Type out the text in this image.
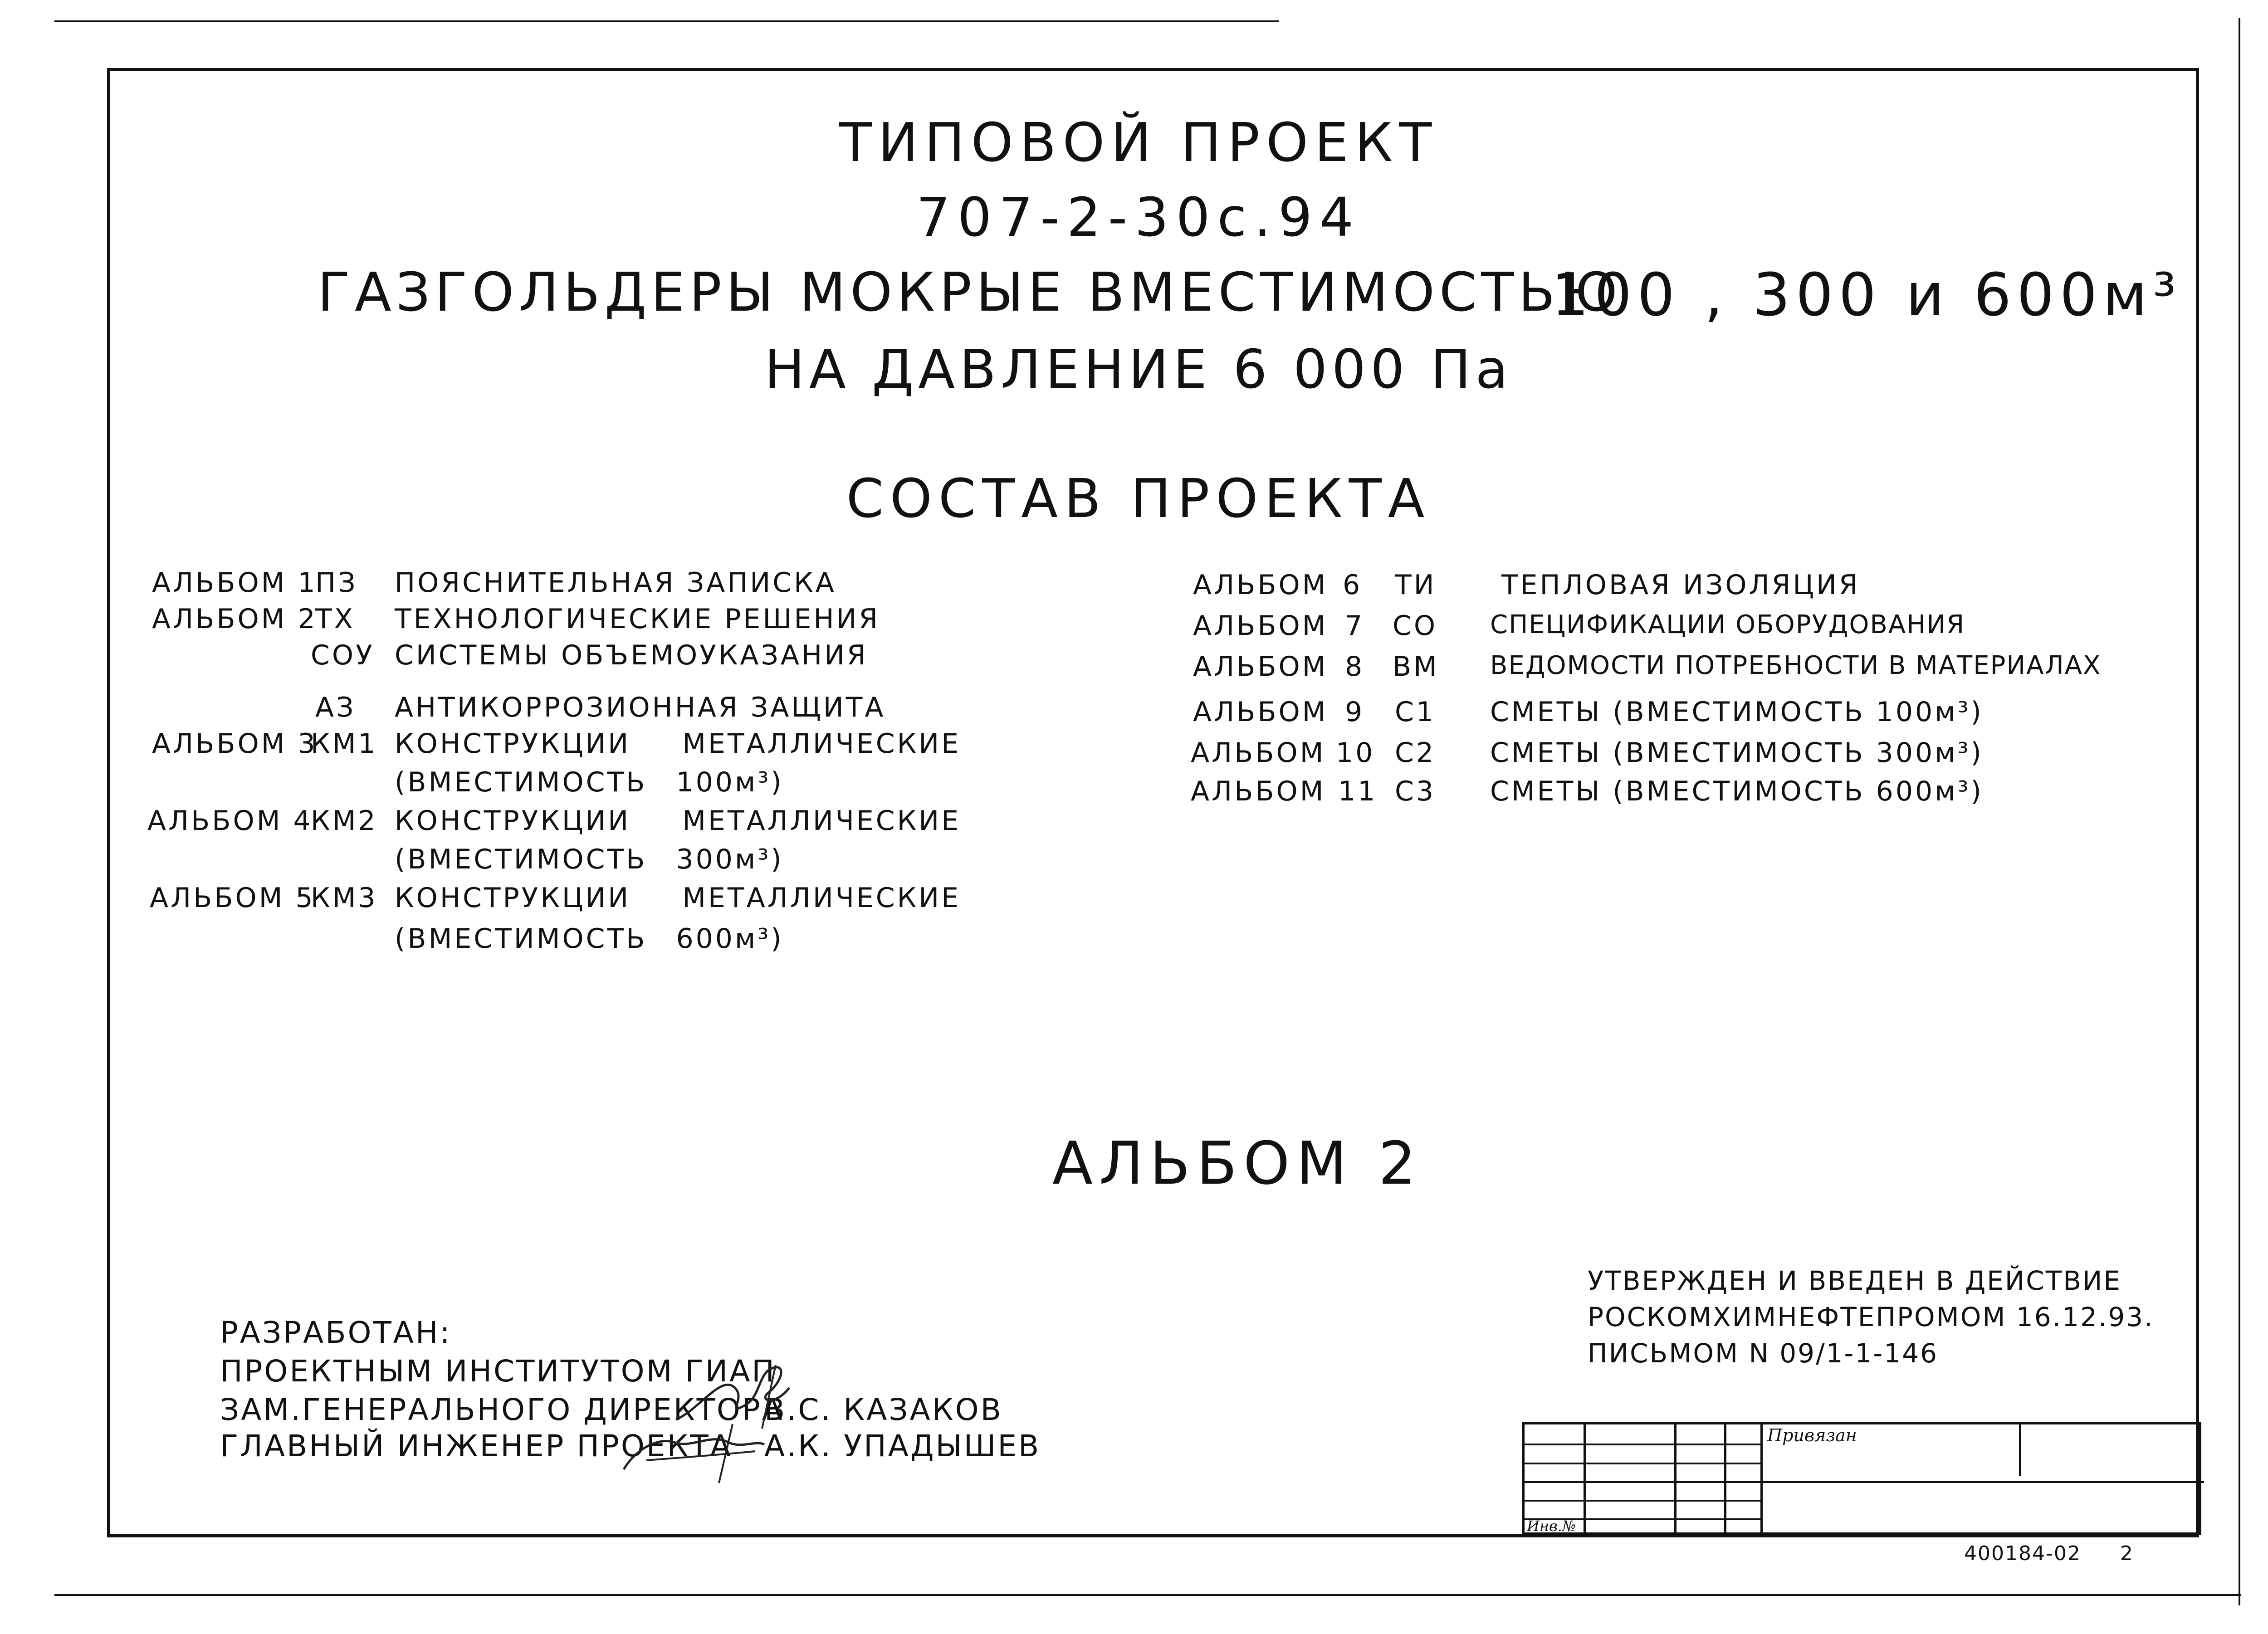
ТИПОВОЙ ПРОЕКТ
707-2-30с.94
ГАЗГОЛЬДЕРЫ МОКРЫЕ ВМЕСТИМОСТЬЮ
100 , 300 и 600м³
НА ДАВЛЕНИЕ 6 000 Па
СОСТАВ ПРОЕКТА
АЛЬБОМ 1
ПЗ ПОЯСНИТЕЛЬНАЯ ЗАПИСКА
АЛЬБОМ 2
ТХ ТЕХНОЛОГИЧЕСКИЕ РЕШЕНИЯ
СОУ СИСТЕМЫ ОБЪЕМОУКАЗАНИЯ
АЗ АНТИКОРРОЗИОННАЯ ЗАЩИТА
АЛЬБОМ 3
КМ1 КОНСТРУКЦИИ МЕТАЛЛИЧЕСКИЕ
(ВМЕСТИМОСТЬ 100м³)
АЛЬБОМ 4
КМ2 КОНСТРУКЦИИ МЕТАЛЛИЧЕСКИЕ
(ВМЕСТИМОСТЬ 300м³)
АЛЬБОМ 5
КМ3 КОНСТРУКЦИИ МЕТАЛЛИЧЕСКИЕ
(ВМЕСТИМОСТЬ 600м³)
АЛЬБОМ 6 ТИ ТЕПЛОВАЯ ИЗОЛЯЦИЯ
АЛЬБОМ 7 СО СПЕЦИФИКАЦИИ ОБОРУДОВАНИЯ
АЛЬБОМ 8 ВМ ВЕДОМОСТИ ПОТРЕБНОСТИ В МАТЕРИАЛАХ
АЛЬБОМ 9 С1 СМЕТЫ (ВМЕСТИМОСТЬ 100м³)
АЛЬБОМ 10 С2 СМЕТЫ (ВМЕСТИМОСТЬ 300м³)
АЛЬБОМ 11 С3 СМЕТЫ (ВМЕСТИМОСТЬ 600м³)
АЛЬБОМ 2
РАЗРАБОТАН:
ПРОЕКТНЫМ ИНСТИТУТОМ ГИАП
ЗАМ.ГЕНЕРАЛЬНОГО ДИРЕКТОРА
В.С. КАЗАКОВ
ГЛАВНЫЙ ИНЖЕНЕР ПРОЕКТА А.К. УПАДЫШЕВ
УТВЕРЖДЕН И ВВЕДЕН В ДЕЙСТВИЕ
РОСКОМХИМНЕФТЕПРОМОМ 16.12.93.
ПИСЬМОМ N 09/1-1-146
Привязан
Инв.№
400184-02 2
